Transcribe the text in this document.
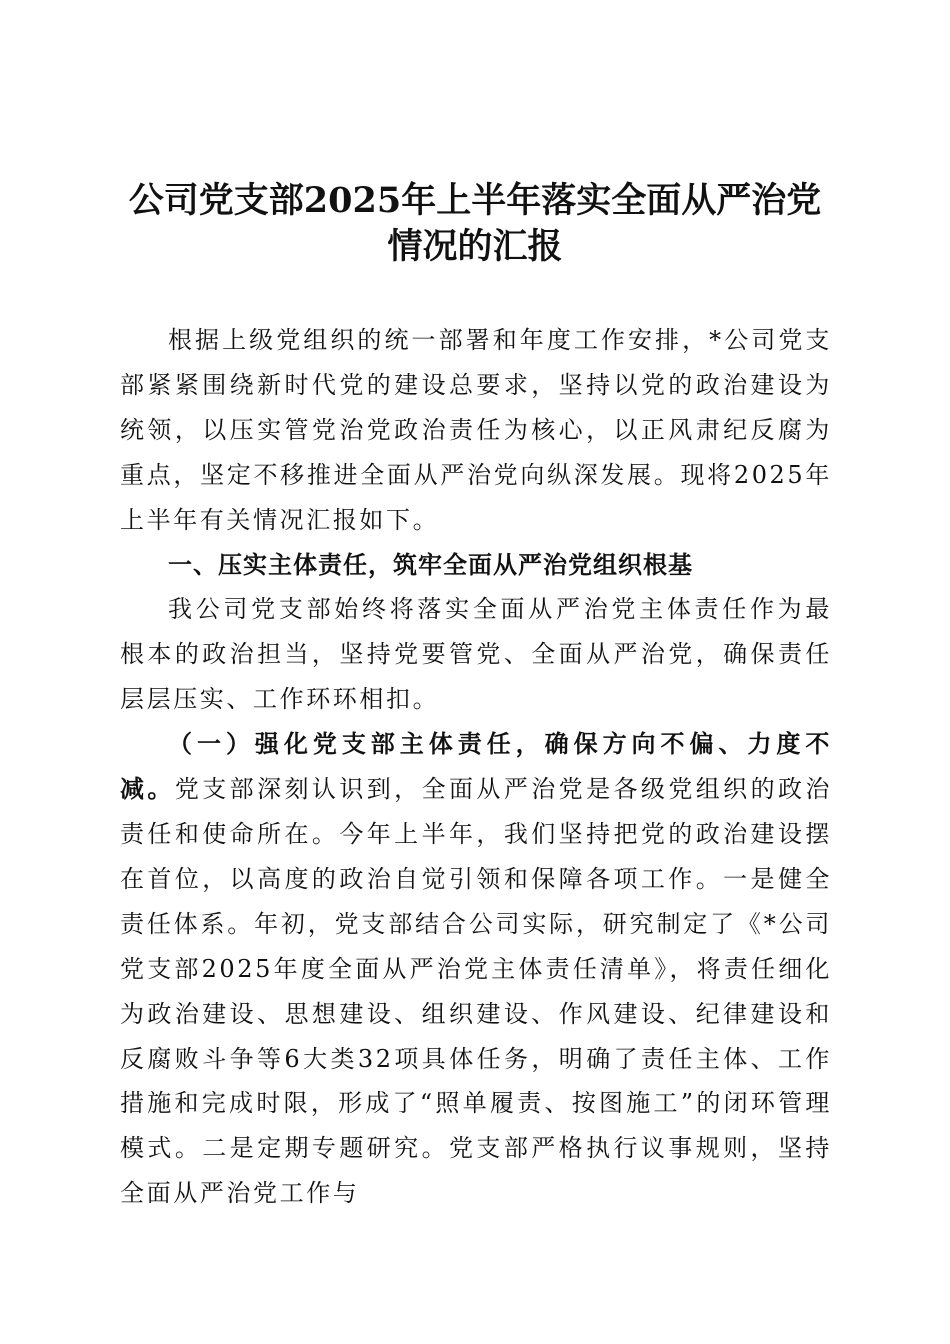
公司党支部2025年上半年落实全面从严治党
情况的汇报

根据上级党组织的统一部署和年度工作安排，*公司党支部紧紧围绕新时代党的建设总要求，坚持以党的政治建设为统领，以压实管党治党政治责任为核心，以正风肃纪反腐为重点，坚定不移推进全面从严治党向纵深发展。现将2025年上半年有关情况汇报如下。

一、压实主体责任，筑牢全面从严治党组织根基

我公司党支部始终将落实全面从严治党主体责任作为最根本的政治担当，坚持党要管党、全面从严治党，确保责任层层压实、工作环环相扣。

（一）强化党支部主体责任，确保方向不偏、力度不减。党支部深刻认识到，全面从严治党是各级党组织的政治责任和使命所在。今年上半年，我们坚持把党的政治建设摆在首位，以高度的政治自觉引领和保障各项工作。一是健全责任体系。年初，党支部结合公司实际，研究制定了《*公司党支部2025年度全面从严治党主体责任清单》，将责任细化为政治建设、思想建设、组织建设、作风建设、纪律建设和反腐败斗争等6大类32项具体任务，明确了责任主体、工作措施和完成时限，形成了“照单履责、按图施工”的闭环管理模式。二是定期专题研究。党支部严格执行议事规则，坚持全面从严治党工作与
